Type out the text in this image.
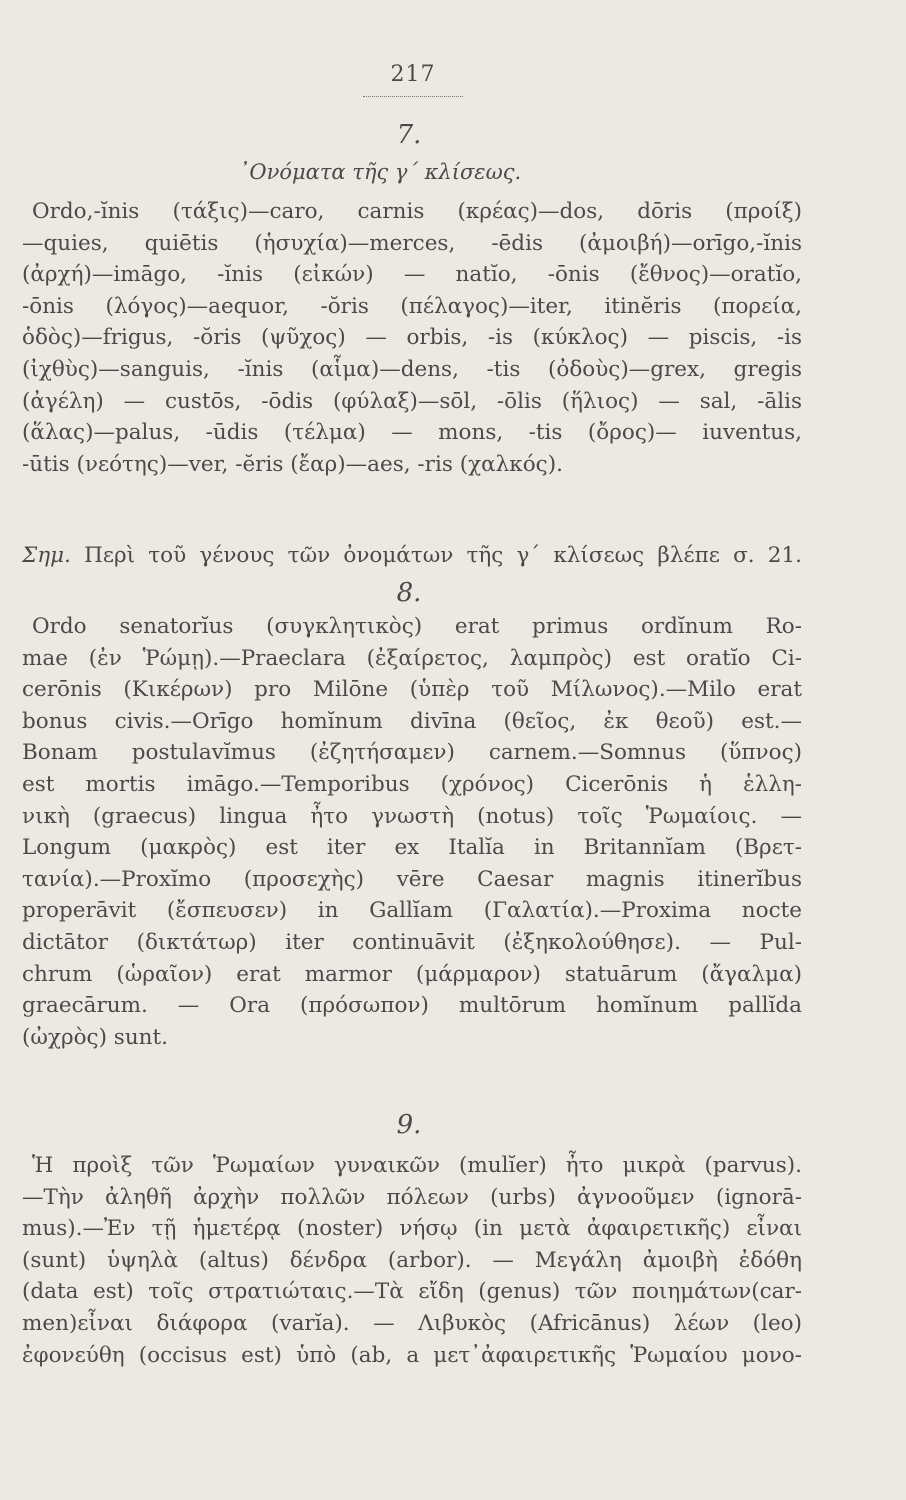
217
7.
᾽Ονόματα τῆς γ΄ κλίσεως.
Ordo,-ĭnis (τάξις)—caro, carnis (κρέας)—dos, dōris (προίξ)
—quies, quiētis (ἡσυχία)—merces, -ēdis (ἀμοιβή)—orīgo,-ĭnis
(ἀρχή)—imāgo, -ĭnis (εἰκών) — natĭo, -ōnis (ἔθνος)—oratĭo,
-ōnis (λόγος)—aequor, -ŏris (πέλαγος)—iter, itinĕris (πορεία,
ὁδὸς)—frigus, -ŏris (ψῦχος) — orbis, -is (κύκλος) — piscis, -is
(ἰχθὺς)—sanguis, -ĭnis (αἷμα)—dens, -tis (ὀδοὺς)—grex, gregis
(ἀγέλη) — custōs, -ōdis (φύλαξ)—sōl, -ōlis (ἥλιος) — sal, -ālis
(ἅλας)—palus, -ūdis (τέλμα) — mons, -tis (ὄρος)— iuventus,
-ūtis (νεότης)—ver, -ĕris (ἔαρ)—aes, -ris (χαλκός).
Σημ. Περὶ τοῦ γένους τῶν ὀνομάτων τῆς γ΄ κλίσεως βλέπε σ. 21.
8.
Ordo senatorĭus (συγκλητικὸς) erat primus ordĭnum Ro-
mae (ἐν Ῥώμῃ).—Praeclara (ἐξαίρετος, λαμπρὸς) est oratĭo Ci-
cerōnis (Κικέρων) pro Milōne (ὑπὲρ τοῦ Μίλωνος).—Milo erat
bonus civis.—Orīgo homĭnum divīna (θεῖος, ἐκ θεοῦ) est.—
Bonam postulavĭmus (ἐζητήσαμεν) carnem.—Somnus (ὕπνος)
est mortis imāgo.—Temporibus (χρόνος) Cicerōnis ἡ ἑλλη-
νικὴ (graecus) lingua ἦτο γνωστὴ (notus) τοῖς Ῥωμαίοις. —
Longum (μακρὸς) est iter ex Italĭa in Britannĭam (Βρετ-
τανία).—Proxĭmo (προσεχὴς) vēre Caesar magnis itinerĭbus
properāvit (ἔσπευσεν) in Gallĭam (Γαλατία).—Proxima nocte
dictātor (δικτάτωρ) iter continuāvit (ἐξηκολούθησε). — Pul-
chrum (ὡραῖον) erat marmor (μάρμαρον) statuārum (ἄγαλμα)
graecārum. — Ora (πρόσωπον) multōrum homĭnum pallĭda
(ὠχρὸς) sunt.
9.
Ἡ προὶξ τῶν Ῥωμαίων γυναικῶν (mulĭer) ἦτο μικρὰ (parvus).
—Τὴν ἀληθῆ ἀρχὴν πολλῶν πόλεων (urbs) ἀγνοοῦμεν (ignorā-
mus).—Ἐν τῇ ἡμετέρᾳ (noster) νήσῳ (in μετὰ ἀφαιρετικῆς) εἶναι
(sunt) ὑψηλὰ (altus) δένδρα (arbor). — Μεγάλη ἀμοιβὴ ἐδόθη
(data est) τοῖς στρατιώταις.—Τὰ εἴδη (genus) τῶν ποιημάτων(car-
men)εἶναι διάφορα (varĭa). — Λιβυκὸς (Africānus) λέων (leo)
ἐφονεύθη (occisus est) ὑπὸ (ab, a μετ᾽ἀφαιρετικῆς Ῥωμαίου μονο-
